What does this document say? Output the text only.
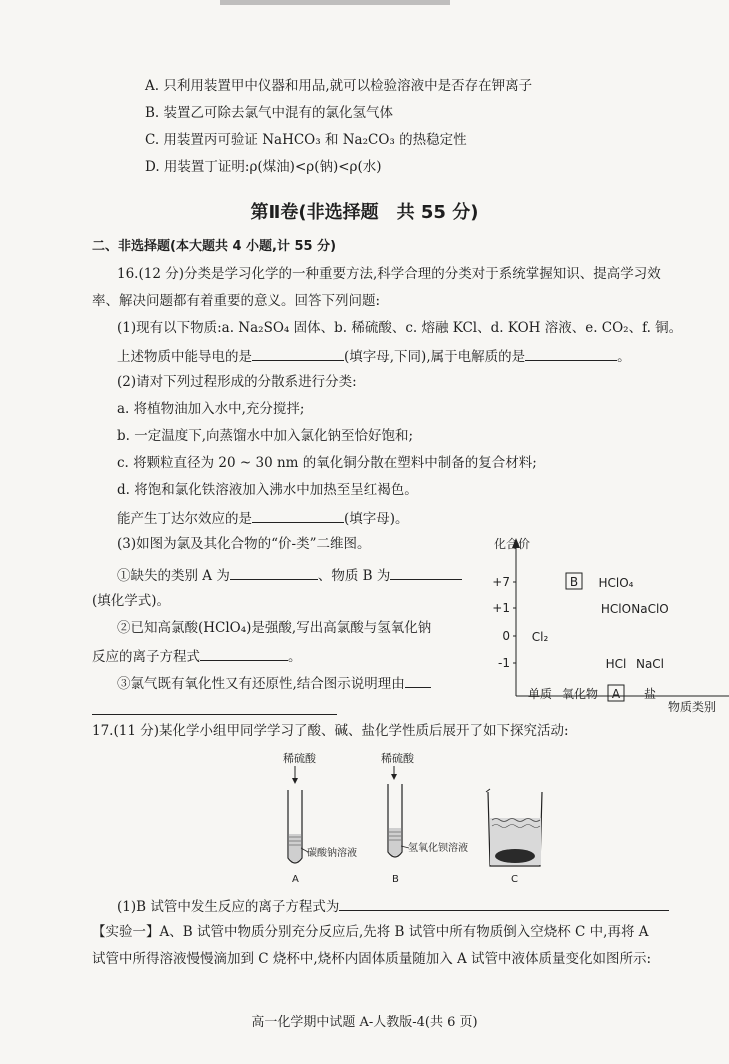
A. 只利用装置甲中仪器和用品,就可以检验溶液中是否存在钾离子
B. 装置乙可除去氯气中混有的氯化氢气体
C. 用装置丙可验证 NaHCO₃ 和 Na₂CO₃ 的热稳定性
D. 用装置丁证明:ρ(煤油)<ρ(钠)<ρ(水)
第Ⅱ卷(非选择题　共 55 分)
二、非选择题(本大题共 4 小题,计 55 分)
16.(12 分)分类是学习化学的一种重要方法,科学合理的分类对于系统掌握知识、提高学习效
率、解决问题都有着重要的意义。回答下列问题:
(1)现有以下物质:a. Na₂SO₄ 固体、b. 稀硫酸、c. 熔融 KCl、d. KOH 溶液、e. CO₂、f. 铜。
上述物质中能导电的是	(填字母,下同),属于电解质的是	。
(2)请对下列过程形成的分散系进行分类:
a. 将植物油加入水中,充分搅拌;
b. 一定温度下,向蒸馏水中加入氯化钠至恰好饱和;
c. 将颗粒直径为 20 ~ 30 nm 的氧化铜分散在塑料中制备的复合材料;
d. 将饱和氯化铁溶液加入沸水中加热至呈红褐色。
能产生丁达尔效应的是	(填字母)。
(3)如图为氯及其化合物的“价-类”二维图。
①缺失的类别 A 为	、物质 B 为
(填化学式)。
②已知高氯酸(HClO₄)是强酸,写出高氯酸与氢氧化钠
反应的离子方程式	。
③氯气既有氧化性又有还原性,结合图示说明理由
化合价
物质类别
+7
+1
0
-1
单质 氧化物 A 盐
Cl₂
HClO NaClO
HCl NaCl
HClO₄
B
17.(11 分)某化学小组甲同学学习了酸、碱、盐化学性质后展开了如下探究活动:
稀硫酸
碳酸钠溶液
A
稀硫酸
氢氧化钡溶液
B	C
(1)B 试管中发生反应的离子方程式为
【实验一】A、B 试管中物质分别充分反应后,先将 B 试管中所有物质倒入空烧杯 C 中,再将 A
试管中所得溶液慢慢滴加到 C 烧杯中,烧杯内固体质量随加入 A 试管中液体质量变化如图所示:
高一化学期中试题 A-人教版-4(共 6 页)
